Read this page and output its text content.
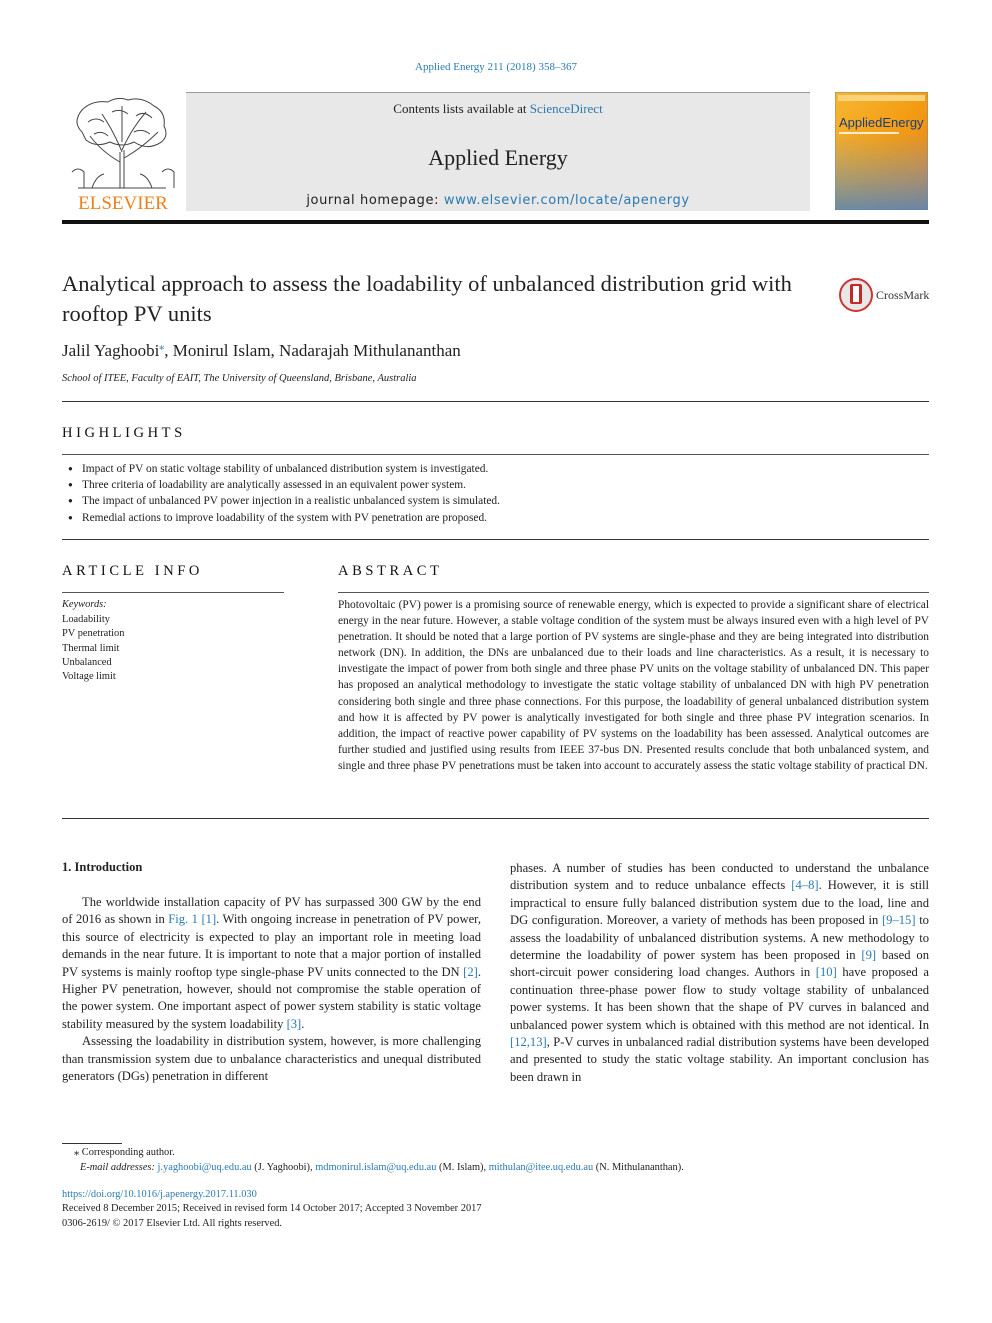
Applied Energy 211 (2018) 358–367
ELSEVIER
Contents lists available at ScienceDirect
Applied Energy
journal homepage: www.elsevier.com/locate/apenergy
AppliedEnergy
Analytical approach to assess the loadability of unbalanced distribution grid with rooftop PV units
CrossMark
Jalil Yaghoobi⁎, Monirul Islam, Nadarajah Mithulananthan
School of ITEE, Faculty of EAIT, The University of Queensland, Brisbane, Australia
HIGHLIGHTS
● Impact of PV on static voltage stability of unbalanced distribution system is investigated.
● Three criteria of loadability are analytically assessed in an equivalent power system.
● The impact of unbalanced PV power injection in a realistic unbalanced system is simulated.
● Remedial actions to improve loadability of the system with PV penetration are proposed.
ARTICLE INFO
Keywords:
Loadability
PV penetration
Thermal limit
Unbalanced
Voltage limit
ABSTRACT
Photovoltaic (PV) power is a promising source of renewable energy, which is expected to provide a significant share of electrical energy in the near future. However, a stable voltage condition of the system must be always insured even with a high level of PV penetration. It should be noted that a large portion of PV systems are single-phase and they are being integrated into distribution network (DN). In addition, the DNs are unbalanced due to their loads and line characteristics. As a result, it is necessary to investigate the impact of power from both single and three phase PV units on the voltage stability of unbalanced DN. This paper has proposed an analytical methodology to investigate the static voltage stability of unbalanced DN with high PV penetration considering both single and three phase connections. For this purpose, the loadability of general unbalanced distribution system and how it is affected by PV power is analytically investigated for both single and three phase PV integration scenarios. In addition, the impact of reactive power capability of PV systems on the loadability has been assessed. Analytical outcomes are further studied and justified using results from IEEE 37-bus DN. Presented results conclude that both unbalanced system, and single and three phase PV penetrations must be taken into account to accurately assess the static voltage stability of practical DN.
1. Introduction

The worldwide installation capacity of PV has surpassed 300 GW by the end of 2016 as shown in Fig. 1 [1]. With ongoing increase in penetration of PV power, this source of electricity is expected to play an important role in meeting load demands in the near future. It is important to note that a major portion of installed PV systems is mainly rooftop type single-phase PV units connected to the DN [2]. Higher PV penetration, however, should not compromise the stable operation of the power system. One important aspect of power system stability is static voltage stability measured by the system loadability [3].

Assessing the loadability in distribution system, however, is more challenging than transmission system due to unbalance characteristics and unequal distributed generators (DGs) penetration in different

phases. A number of studies has been conducted to understand the unbalance distribution system and to reduce unbalance effects [4–8]. However, it is still impractical to ensure fully balanced distribution system due to the load, line and DG configuration. Moreover, a variety of methods has been proposed in [9–15] to assess the loadability of unbalanced distribution systems. A new methodology to determine the loadability of power system has been proposed in [9] based on short-circuit power considering load changes. Authors in [10] have proposed a continuation three-phase power flow to study voltage stability of unbalanced power systems. It has been shown that the shape of PV curves in balanced and unbalanced power system which is obtained with this method are not identical. In [12,13], P-V curves in unbalanced radial distribution systems have been developed and presented to study the static voltage stability. An important conclusion has been drawn in

⁎ Corresponding author.
E-mail addresses: j.yaghoobi@uq.edu.au (J. Yaghoobi), mdmonirul.islam@uq.edu.au (M. Islam), mithulan@itee.uq.edu.au (N. Mithulananthan).
https://doi.org/10.1016/j.apenergy.2017.11.030
Received 8 December 2015; Received in revised form 14 October 2017; Accepted 3 November 2017
0306-2619/ © 2017 Elsevier Ltd. All rights reserved.
